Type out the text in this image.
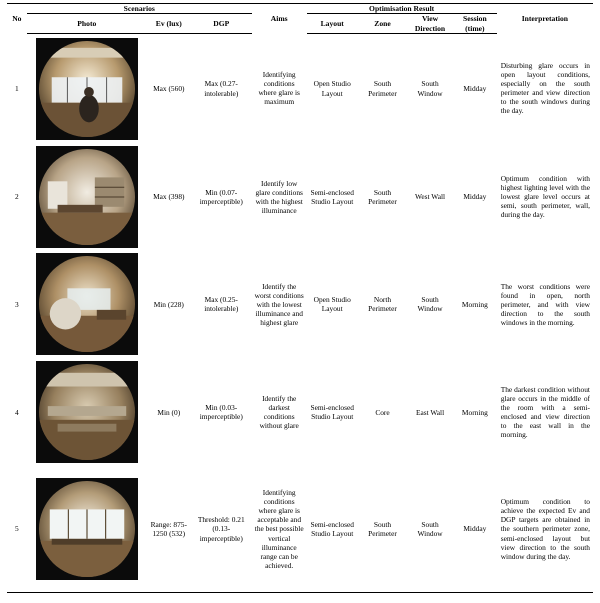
No	Scenarios			Aims	Optimisation Result				Interpretation
	Photo	Ev (lux)	DGP		Layout	Zone	View Direction	Session (time)	
1		Max (560)	Max (0.27-intolerable)	Identifying conditions where glare is maximum	Open Studio Layout	South Perimeter	South Window	Midday	Disturbing glare occurs in open layout conditions, especially on the south perimeter and view direction to the south windows during the day.
2		Max (398)	Min (0.07-imperceptible)	Identify low glare conditions with the highest illuminance	Semi-enclosed Studio Layout	South Perimeter	West Wall	Midday	Optimum condition with highest lighting level with the lowest glare level occurs at semi, south perimeter, wall, during the day.
3		Min (228)	Max (0.25-intolerable)	Identify the worst conditions with the lowest illuminance and highest glare	Open Studio Layout	North Perimeter	South Window	Morning	The worst conditions were found in open, north perimeter, and with view direction to the south windows in the morning.
4		Min (0)	Min (0.03-imperceptible)	Identify the darkest conditions without glare	Semi-enclosed Studio Layout	Core	East Wall	Morning	The darkest condition without glare occurs in the middle of the room with a semi-enclosed and view direction to the east wall in the morning.
5		Range: 875-1250 (532)	Threshold: 0.21 (0.13-imperceptible)	Identifying conditions where glare is acceptable and the best possible vertical illuminance range can be achieved.	Semi-enclosed Studio Layout	South Perimeter	South Window	Midday	Optimum condition to achieve the expected Ev and DGP targets are obtained in the southern perimeter zone, semi-enclosed layout but view direction to the south window during the day.
